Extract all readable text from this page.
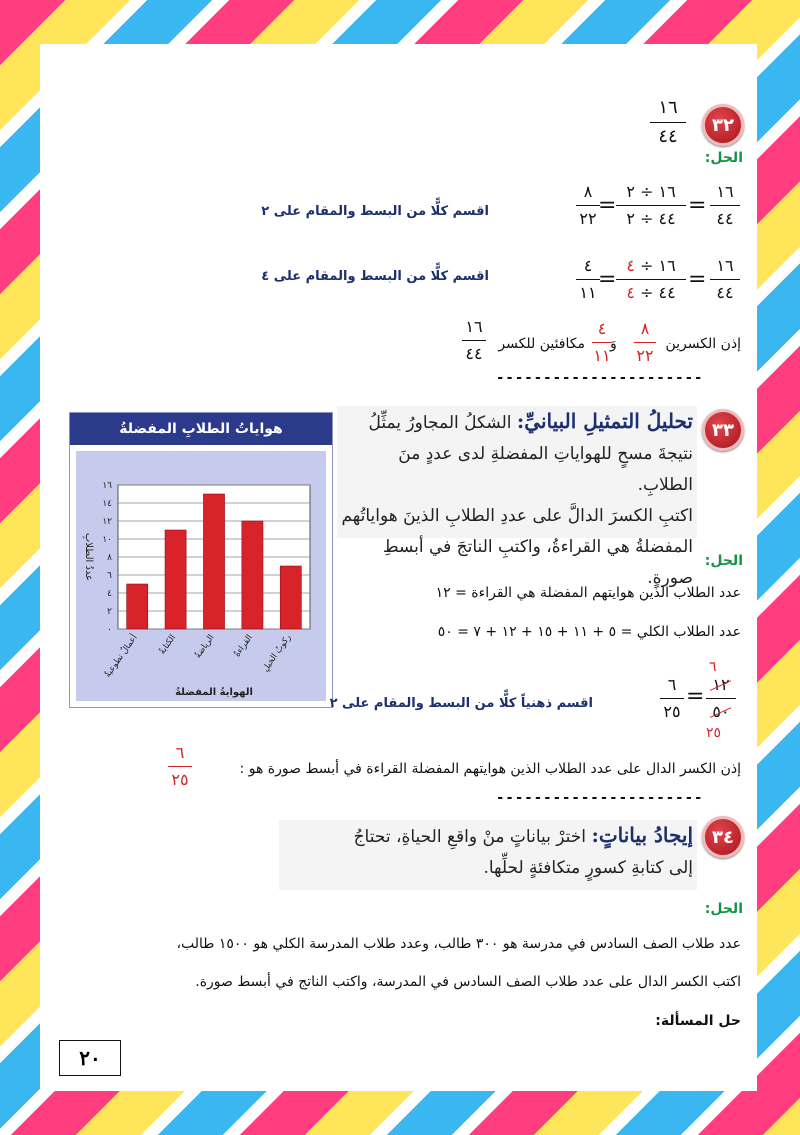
٣٢
١٦
٤٤
الحل:
١٦
٤٤
=
١٦ ÷ ٢
٤٤ ÷ ٢
=
٨
٢٢
اقسم كلًّا من البسط والمقام على ٢
١٦
٤٤
=
١٦ ÷ ٤
٤٤ ÷ ٤
=
٤
١١
اقسم كلًّا من البسط والمقام على ٤
إذن الكسرين
٨
٢٢
وَ
٤
١١
مكافئين للكسر
١٦
٤٤
----------------------
٣٣
تحليلُ التمثيلِ البيانيِّ: الشكلُ المجاورُ يمثِّلُ
نتيجةَ مسحٍ للهواياتِ المفضلةِ لدى عددٍ منَ الطلابِ.
اكتبِ الكسرَ الدالَّ على عددِ الطلابِ الذينَ هواياتُهم
المفضلةُ هي القراءةُ، واكتبِ الناتجَ في أبسطِ صورةٍ.
هواياتُ الطلابِ المفضلةُ
٠
٢
٤
٦
٨
١٠
١٢
١٤
١٦
أعمالٌ تطوعيةٌ الكتابةُ الرياضةُ القراءةُ ركوبُ الخيلِ
عددُ الطلابِ
الهوايةُ المفضلةُ
الحل:
عدد الطلاب الذين هوايتهم المفضلة هي القراءة = ١٢
عدد الطلاب الكلي = ٥ + ١١ + ١٥ + ١٢ + ٧ = ٥٠
٦
١٢
٥٠
٢٥
=
٦
٢٥
اقسم ذهنياً كلًّا من البسط والمقام على ٢
إذن الكسر الدال على عدد الطلاب الذين هوايتهم المفضلة القراءة في أبسط صورة هو :
٦
٢٥
----------------------
٣٤
إيجادُ بياناتٍ: اخترْ بياناتٍ منْ واقعِ الحياةِ، تحتاجُ
إلى كتابةِ كسورٍ متكافئةٍ لحلِّها.
الحل:
عدد طلاب الصف السادس في مدرسة هو ٣٠٠ طالب، وعدد طلاب المدرسة الكلي هو ١٥٠٠ طالب،
اكتب الكسر الدال على عدد طلاب الصف السادس في المدرسة، واكتب الناتج في أبسط صورة.
حل المسألة:
٢٠
